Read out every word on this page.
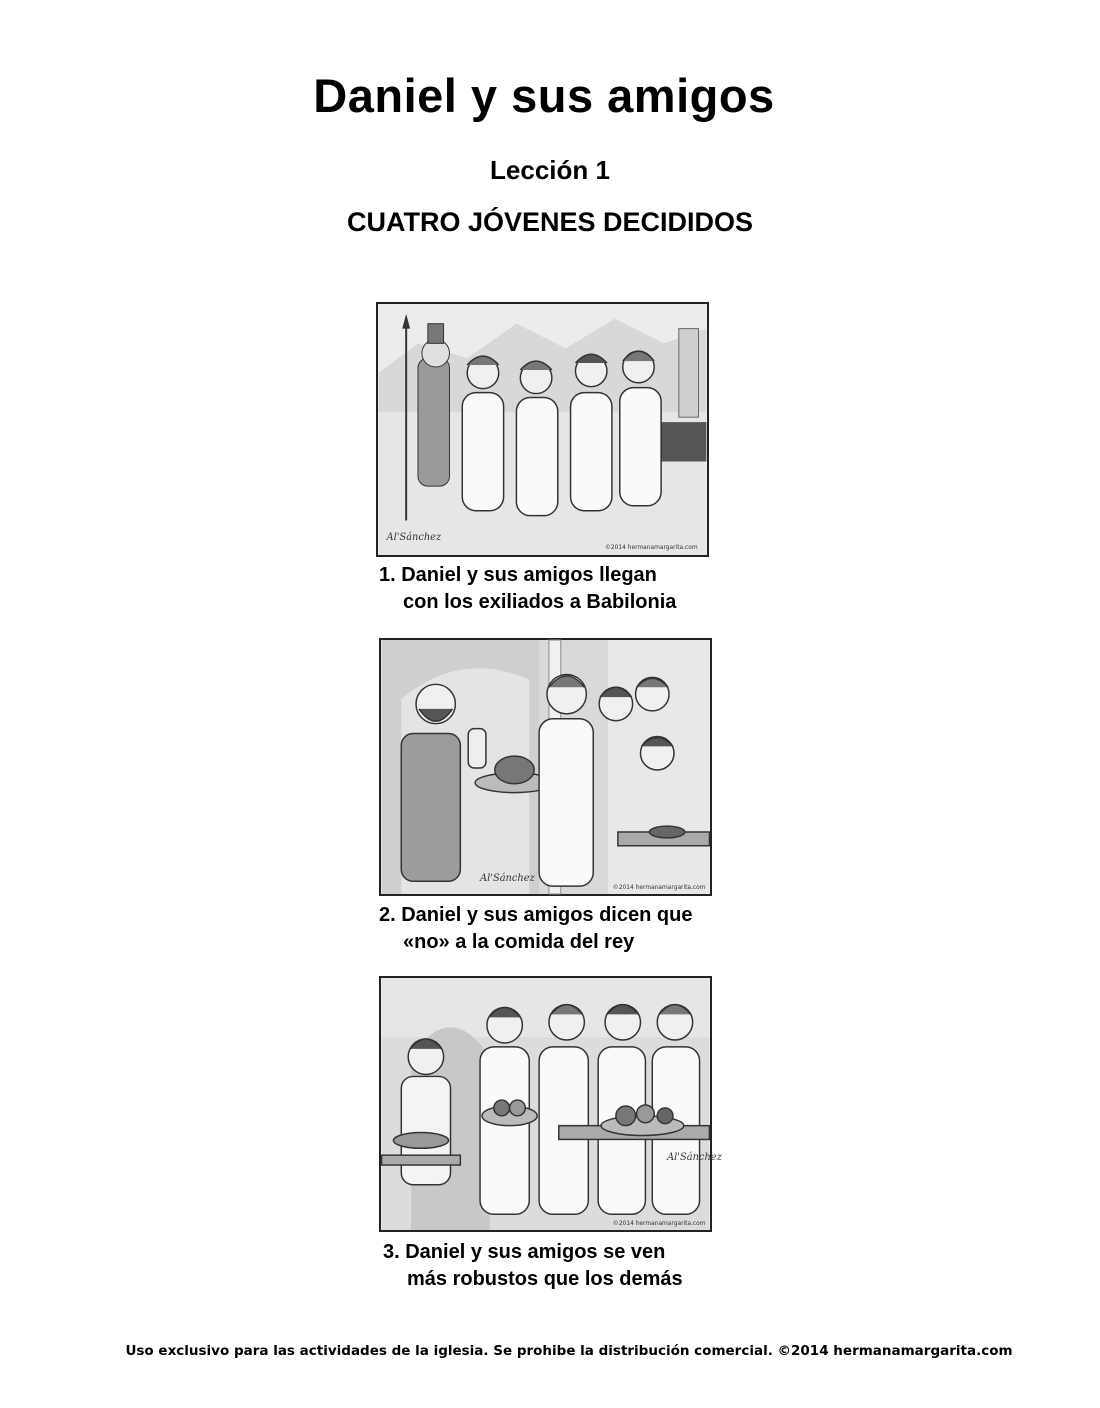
Daniel y sus amigos
Lección 1
CUATRO JÓVENES DECIDIDOS
Al'Sánchez
©2014 hermanamargarita.com
1. Daniel y sus amigos llegan
con los exiliados a Babilonia
Al'Sánchez
©2014 hermanamargarita.com
2. Daniel y sus amigos dicen que
«no» a la comida del rey
Al'Sánchez
©2014 hermanamargarita.com
3. Daniel y sus amigos se ven
más robustos que los demás
Uso exclusivo para las actividades de la iglesia. Se prohibe la distribución comercial. ©2014 hermanamargarita.com
